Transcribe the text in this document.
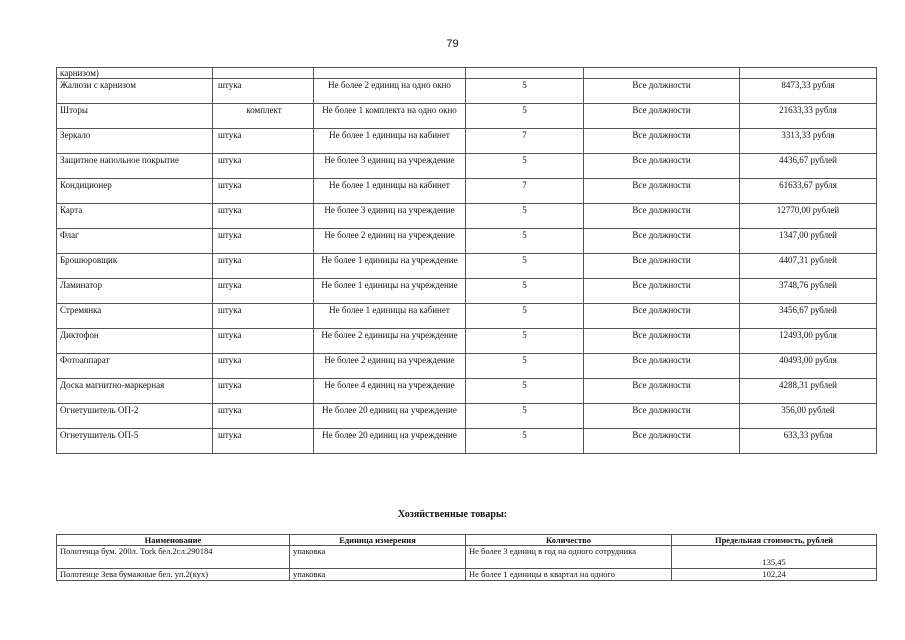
79
карнизом)					
Жалюзи с карнизом	штука	Не более 2 единиц на одно окно	5	Все должности	8473,33 рубля
Шторы	комплект	Не более 1 комплекта на одно окно	5	Все должности	21633,33 рубля
Зеркало	штука	Не более 1 единицы на кабинет	7	Все должности	3313,33 рубля
Защитное напольное покрытие	штука	Не более 3 единиц на учреждение	5	Все должности	4436,67 рублей
Кондиционер	штука	Не более 1 единицы на кабинет	7	Все должности	61633,67 рубля
Карта	штука	Не более 3 единиц на учреждение	5	Все должности	12770,00 рублей
Флаг	штука	Не более 2 единиц на учреждение	5	Все должности	1347,00 рублей
Брошюровщик	штука	Не более 1 единицы на учреждение	5	Все должности	4407,31 рублей
Ламинатор	штука	Не более 1 единицы на учреждение	5	Все должности	3748,76 рублей
Стремянка	штука	Не более 1 единицы на кабинет	5	Все должности	3456,67 рублей
Диктофон	штука	Не более 2 единицы на учреждение	5	Все должности	12493,00 рубля
Фотоаппарат	штука	Не более 2 единиц на учреждение	5	Все должности	40493,00 рубля
Доска магнитно-маркерная	штука	Не более 4 единиц на учреждение	5	Все должности	4288,31 рублей
Огнетушитель ОП-2	штука	Не более 20 единиц на учреждение	5	Все должности	356,00 рублей
Огнетушитель ОП-5	штука	Не более 20 единиц на учреждение	5	Все должности	633,33 рубля
Хозяйственные товары:
Наименование	Единица измерения	Количество	Предельная стоимость, рублей
Полотенца бум. 200л. Tork бел.2сл.290184	упаковка	Не более 3 единиц в год на одного сотрудника	135,45
Полотенце Зева бумажные бел. уп.2(кух)	упаковка	Не более 1 единицы в квартал на одного	102,24
